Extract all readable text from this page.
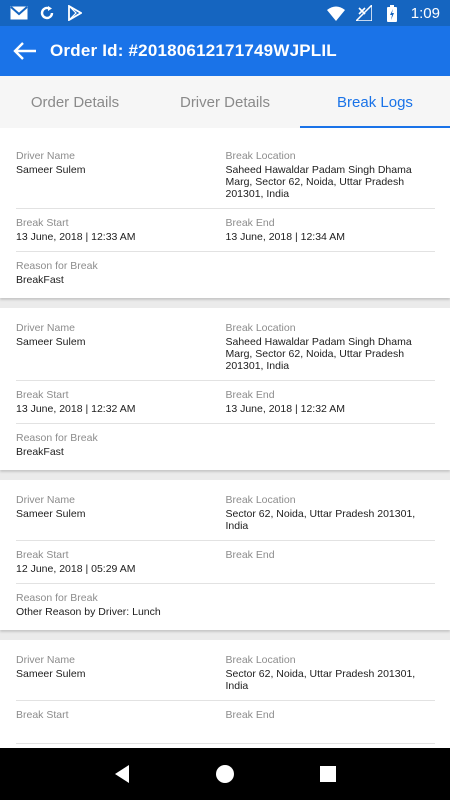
1:09
Order Id: #20180612171749WJPLIL
Order Details	Driver Details	Break Logs
Driver Name
Sameer Sulem
Break Location
Saheed Hawaldar Padam Singh Dhama Marg, Sector 62, Noida, Uttar Pradesh 201301, India
Break Start
13 June, 2018 | 12:33 AM
Break End
13 June, 2018 | 12:34 AM
Reason for Break
BreakFast
Driver Name
Sameer Sulem
Break Location
Saheed Hawaldar Padam Singh Dhama Marg, Sector 62, Noida, Uttar Pradesh 201301, India
Break Start
13 June, 2018 | 12:32 AM
Break End
13 June, 2018 | 12:32 AM
Reason for Break
BreakFast
Driver Name
Sameer Sulem
Break Location
Sector 62, Noida, Uttar Pradesh 201301, India
Break Start
12 June, 2018 | 05:29 AM
Break End
Reason for Break
Other Reason by Driver: Lunch
Driver Name
Sameer Sulem
Break Location
Sector 62, Noida, Uttar Pradesh 201301, India
Break Start	Break End
